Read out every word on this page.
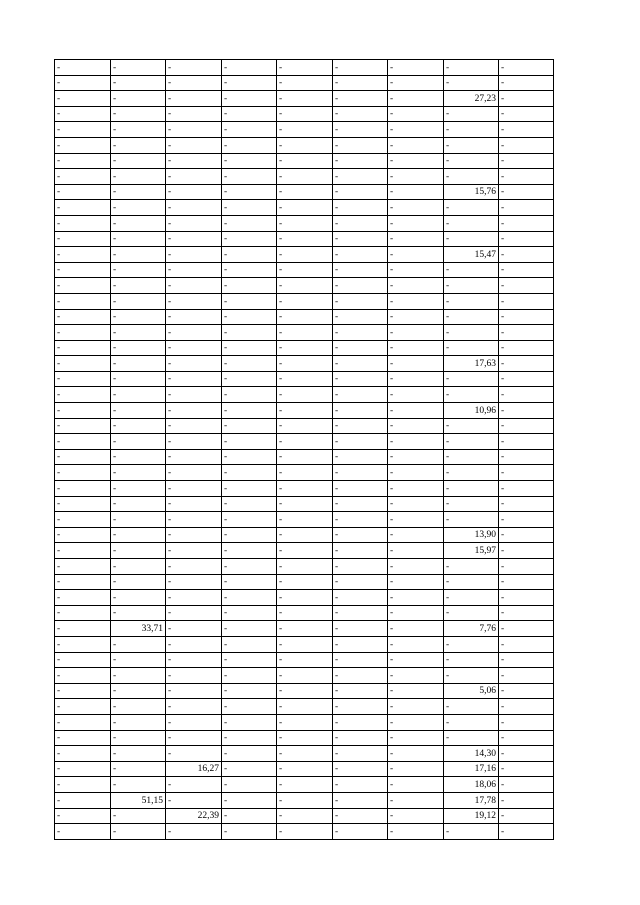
-	-	-	-	-	-	-	-	-
-	-	-	-	-	-	-	-	-
-	-	-	-	-	-	-	27,23	-
-	-	-	-	-	-	-	-	-
-	-	-	-	-	-	-	-	-
-	-	-	-	-	-	-	-	-
-	-	-	-	-	-	-	-	-
-	-	-	-	-	-	-	-	-
-	-	-	-	-	-	-	15,76	-
-	-	-	-	-	-	-	-	-
-	-	-	-	-	-	-	-	-
-	-	-	-	-	-	-	-	-
-	-	-	-	-	-	-	15,47	-
-	-	-	-	-	-	-	-	-
-	-	-	-	-	-	-	-	-
-	-	-	-	-	-	-	-	-
-	-	-	-	-	-	-	-	-
-	-	-	-	-	-	-	-	-
-	-	-	-	-	-	-	-	-
-	-	-	-	-	-	-	17,63	-
-	-	-	-	-	-	-	-	-
-	-	-	-	-	-	-	-	-
-	-	-	-	-	-	-	10,96	-
-	-	-	-	-	-	-	-	-
-	-	-	-	-	-	-	-	-
-	-	-	-	-	-	-	-	-
-	-	-	-	-	-	-	-	-
-	-	-	-	-	-	-	-	-
-	-	-	-	-	-	-	-	-
-	-	-	-	-	-	-	-	-
-	-	-	-	-	-	-	13,90	-
-	-	-	-	-	-	-	15,97	-
-	-	-	-	-	-	-	-	-
-	-	-	-	-	-	-	-	-
-	-	-	-	-	-	-	-	-
-	-	-	-	-	-	-	-	-
-	33,71	-	-	-	-	-	7,76	-
-	-	-	-	-	-	-	-	-
-	-	-	-	-	-	-	-	-
-	-	-	-	-	-	-	-	-
-	-	-	-	-	-	-	5,06	-
-	-	-	-	-	-	-	-	-
-	-	-	-	-	-	-	-	-
-	-	-	-	-	-	-	-	-
-	-	-	-	-	-	-	14,30	-
-	-	16,27	-	-	-	-	17,16	-
-	-	-	-	-	-	-	18,06	-
-	51,15	-	-	-	-	-	17,78	-
-	-	22,39	-	-	-	-	19,12	-
-	-	-	-	-	-	-	-	-
